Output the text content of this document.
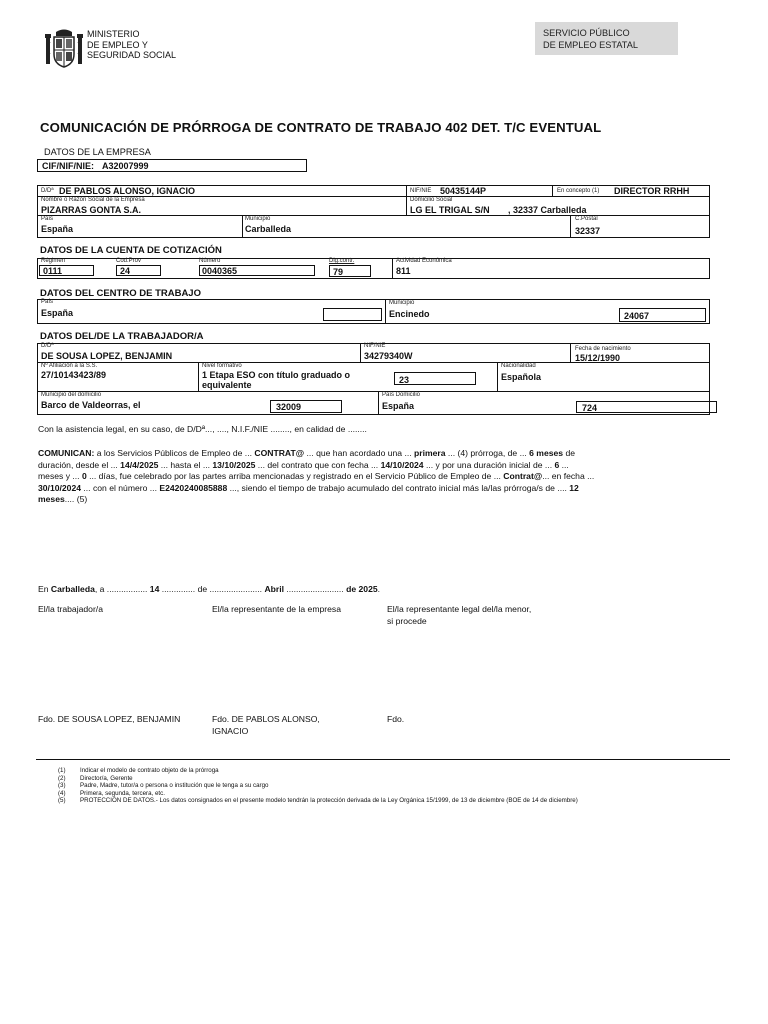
MINISTERIO
DE EMPLEO Y
SEGURIDAD SOCIAL
SERVICIO PÚBLICO
DE EMPLEO ESTATAL
COMUNICACIÓN DE PRÓRROGA DE CONTRATO DE TRABAJO 402 DET. T/C EVENTUAL
DATOS DE LA EMPRESA
CIF/NIF/NIE: A32007999
D/Dª DE PABLOS ALONSO, IGNACIO	NIF/NIE 50435144P	En concepto (1) DIRECTOR RRHH
Nombre o Razón Social de la Empresa
PIZARRAS GONTA S.A.
Domicilio Social
LG EL TRIGAL S/N , 32337 Carballeda
País
España
Municipio
Carballeda
C.Postal
32337
DATOS DE LA CUENTA DE COTIZACIÓN
Régimen
0111
Cod.Prov
24
Número
0040365
Dig.contr.
79
Actividad Económica
811
DATOS DEL CENTRO DE TRABAJO
País
España
Municipio
Encinedo	24067
DATOS DEL/DE LA TRABAJADOR/A
D/Dª
DE SOUSA LOPEZ, BENJAMIN
NIF/NIE
34279340W
Fecha de nacimiento
15/12/1990
Nº Afiliación a la S.S.
27/10143423/89
Nivel formativo
1 Etapa ESO con título graduado o
equivalente	23
Nacionalidad
Española
Municipio del domicilio
Barco de Valdeorras, el	32009
País Domicilio
España	724
Con la asistencia legal, en su caso, de D/Dª..., ...., N.I.F./NIE ........, en calidad de ........
COMUNICAN: a los Servicios Públicos de Empleo de ... CONTRAT@ ... que han acordado una ... primera ... (4) prórroga, de ... 6 meses de
duración, desde el ... 14/4/2025 ... hasta el ... 13/10/2025 ... del contrato que con fecha ... 14/10/2024 ... y por una duración inicial de ... 6 ...
meses y ... 0 ... días, fue celebrado por las partes arriba mencionadas y registrado en el Servicio Público de Empleo de ... Contrat@... en fecha ...
30/10/2024 ... con el número ... E2420240085888 ..., siendo el tiempo de trabajo acumulado del contrato inicial más la/las prórroga/s de .... 12
meses.... (5)
En Carballeda, a ................. 14 .............. de ...................... Abril ........................ de 2025.
El/la trabajador/a	El/la representante de la empresa	El/la representante legal del/la menor,
si procede
Fdo. DE SOUSA LOPEZ, BENJAMIN	Fdo. DE PABLOS ALONSO,
IGNACIO
Fdo.
(1) Indicar el modelo de contrato objeto de la prórroga
(2) Director/a, Gerente
(3) Padre, Madre, tutor/a o persona o institución que le tenga a su cargo
(4) Primera, segunda, tercera, etc.
(5) PROTECCIÓN DE DATOS.- Los datos consignados en el presente modelo tendrán la protección derivada de la Ley Orgánica 15/1999, de 13 de diciembre (BOE de 14 de diciembre)
